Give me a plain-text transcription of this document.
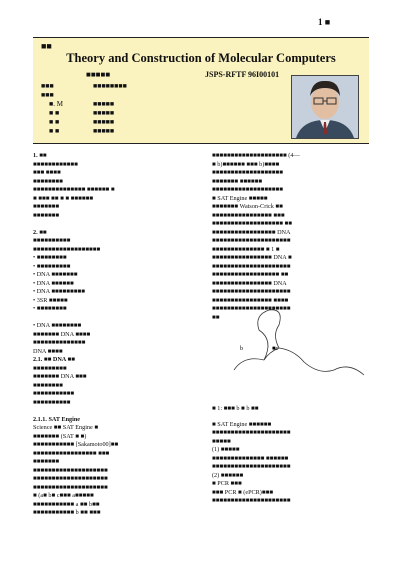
1 ■
■■
Theory and Construction of Molecular Computers
■■■■■	JSPS-RFTF 96I00101
■■■	■■■■■■■■
■■■
■. M
■ ■
■ ■
■ ■
■■■■■
■■■■■
■■■■■
■■■■■
1. ■■
■■■■■■■■■■■■
■■■ ■■■■
■■■■■■■■
■■■■■■■■■■■■■■ ■■■■■■ ■
■ ■■■ ■■ ■ ■ ■■■■■■
■■■■■■■
■■■■■■■

2. ■■
■■■■■■■■■■
■■■■■■■■■■■■■■■■■■
• ■■■■■■■■
• ■■■■■■■■■
• DNA ■■■■■■■
• DNA ■■■■■■
• DNA ■■■■■■■■■
• 3SR ■■■■■
• ■■■■■■■■

• DNA ■■■■■■■■
■■■■■■■ DNA ■■■■
■■■■■■■■■■■■■■
DNA ■■■■
2.1. ■■ DNA ■■
■■■■■■■■■
■■■■■■■ DNA ■■■
■■■■■■■■
■■■■■■■■■■■
■■■■■■■■■■

2.1.1. SAT Engine
Science ■■ SAT Engine ■
■■■■■■■ (SAT ■ ■)
■■■■■■■■■■■ [Sakamoto00]■■
■■■■■■■■■■■■■■■■■ ■■■
■■■■■■■
■■■■■■■■■■■■■■■■■■■■
■■■■■■■■■■■■■■■■■■■■
■■■■■■■■■■■■■■■■■■■■
■ (a■ b■ c■■■ a■■■■■
■■■■■■■■■■■ a ■■ b■■
■■■■■■■■■■■ b ■■ ■■■
■■■■■■■■■■■■■■■■■■■■ (4—
■ b)■■■■■■ ■■■ b)■■■■
■■■■■■■■■■■■■■■■■■■
■■■■■■■ ■■■■■■
■■■■■■■■■■■■■■■■■■■
■ SAT Engine ■■■■■
■■■■■■■ Watson-Crick ■■
■■■■■■■■■■■■■■■■ ■■■
■■■■■■■■■■■■■■■■■■■ ■■
■■■■■■■■■■■■■■■■■ DNA
■■■■■■■■■■■■■■■■■■■■■
■■■■■■■■■■■■■■ ■ 1 ■
■■■■■■■■■■■■■■■■ DNA ■
■■■■■■■■■■■■■■■■■■■■■
■■■■■■■■■■■■■■■■■■ ■■
■■■■■■■■■■■■■■■■ DNA
■■■■■■■■■■■■■■■■■■■■■
■■■■■■■■■■■■■■■■ ■■■■
■■■■■■■■■■■■■■■■■■■■■
■■
b	■c
■ 1: ■■■ b ■ b ■■

■ SAT Engine ■■■■■■
■■■■■■■■■■■■■■■■■■■■■
■■■■■
(1) ■■■■■
■■■■■■■■■■■■■■ ■■■■■■
■■■■■■■■■■■■■■■■■■■■■
(2) ■■■■■■
■ PCR ■■■
■■■ PCR ■ (ePCR)■■■
■■■■■■■■■■■■■■■■■■■■■
